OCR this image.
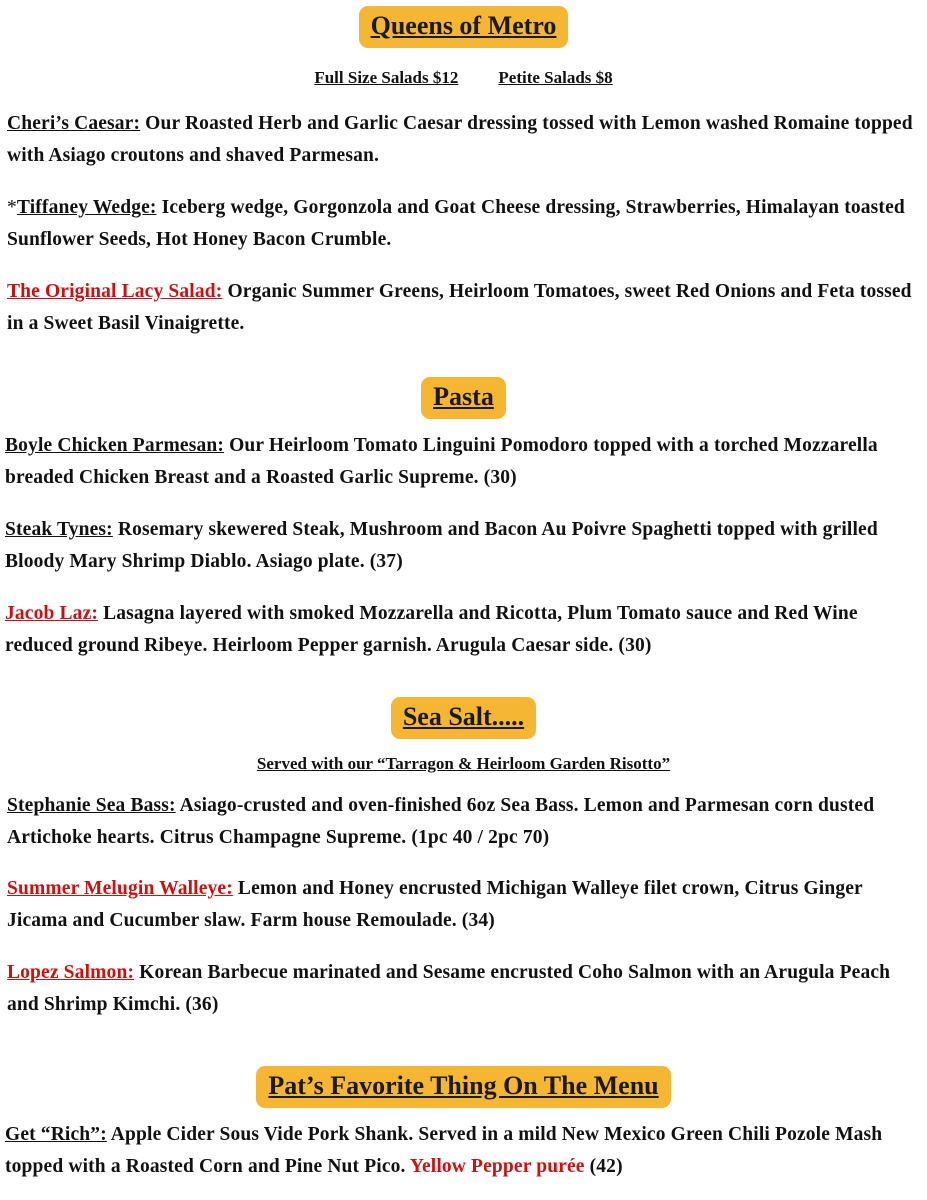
Queens of Metro
Full Size Salads $12 Petite Salads $8
Cheri’s Caesar: Our Roasted Herb and Garlic Caesar dressing tossed with Lemon washed Romaine topped with Asiago croutons and shaved Parmesan.
*Tiffaney Wedge: Iceberg wedge, Gorgonzola and Goat Cheese dressing, Strawberries, Himalayan toasted Sunflower Seeds, Hot Honey Bacon Crumble.
The Original Lacy Salad: Organic Summer Greens, Heirloom Tomatoes, sweet Red Onions and Feta tossed in a Sweet Basil Vinaigrette.
Pasta
Boyle Chicken Parmesan: Our Heirloom Tomato Linguini Pomodoro topped with a torched Mozzarella breaded Chicken Breast and a Roasted Garlic Supreme. (30)
Steak Tynes: Rosemary skewered Steak, Mushroom and Bacon Au Poivre Spaghetti topped with grilled Bloody Mary Shrimp Diablo. Asiago plate. (37)
Jacob Laz: Lasagna layered with smoked Mozzarella and Ricotta, Plum Tomato sauce and Red Wine reduced ground Ribeye. Heirloom Pepper garnish. Arugula Caesar side. (30)
Sea Salt.....
Served with our “Tarragon & Heirloom Garden Risotto”
Stephanie Sea Bass: Asiago-crusted and oven-finished 6oz Sea Bass. Lemon and Parmesan corn dusted Artichoke hearts. Citrus Champagne Supreme. (1pc 40 / 2pc 70)
Summer Melugin Walleye: Lemon and Honey encrusted Michigan Walleye filet crown, Citrus Ginger Jicama and Cucumber slaw. Farm house Remoulade. (34)
Lopez Salmon: Korean Barbecue marinated and Sesame encrusted Coho Salmon with an Arugula Peach and Shrimp Kimchi. (36)
Pat’s Favorite Thing On The Menu
Get “Rich”: Apple Cider Sous Vide Pork Shank. Served in a mild New Mexico Green Chili Pozole Mash topped with a Roasted Corn and Pine Nut Pico. Yellow Pepper purée (42)
